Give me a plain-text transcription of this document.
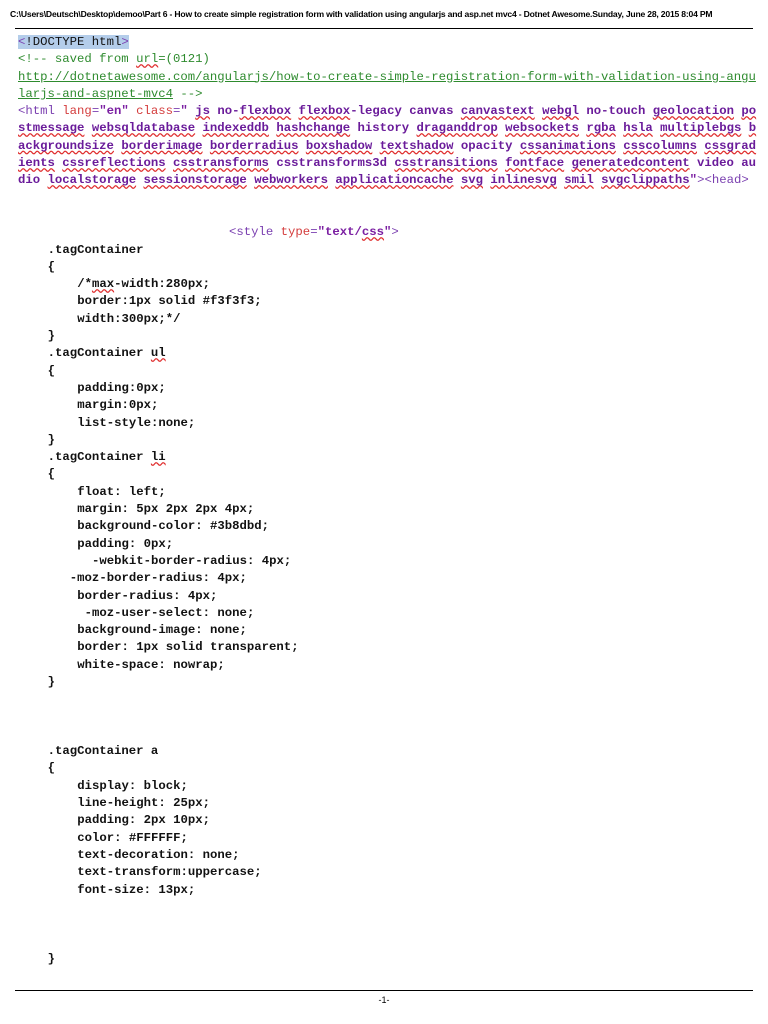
C:\Users\Deutsch\Desktop\demoo\Part 6 - How to create simple registration form with validation using angularjs and asp.net mvc4 - Dotnet Awesome.Sunday, June 28, 2015 8:04 PM
<!DOCTYPE html>
<!-- saved from url=(0121)
http://dotnetawesome.com/angularjs/how-to-create-simple-registration-form-with-validation-using-angularjs-and-aspnet-mvc4 -->
<html lang="en" class=" js no-flexbox flexbox-legacy canvas canvastext webgl no-touch geolocation postmessage websqldatabase indexeddb hashchange history draganddrop websockets rgba hsla multiplebgs backgroundsize borderimage borderradius boxshadow textshadow opacity cssanimations csscolumns cssgradients cssreflections csstransforms csstransforms3d csstransitions fontface generatedcontent video audio localstorage sessionstorage webworkers applicationcache svg inlinesvg smil svgclippaths"><head>
<style type="text/css">
.tagContainer
{
/*max-width:280px;
border:1px solid #f3f3f3;
width:300px;*/
}
.tagContainer ul
{
padding:0px;
margin:0px;
list-style:none;
}
.tagContainer li
{
float: left;
margin: 5px 2px 2px 4px;
background-color: #3b8dbd;
padding: 0px;
-webkit-border-radius: 4px;
-moz-border-radius: 4px;
border-radius: 4px;
-moz-user-select: none;
background-image: none;
border: 1px solid transparent;
white-space: nowrap;
}
.tagContainer a
{
display: block;
line-height: 25px;
padding: 2px 10px;
color: #FFFFFF;
text-decoration: none;
text-transform:uppercase;
font-size: 13px;
}
-1-
